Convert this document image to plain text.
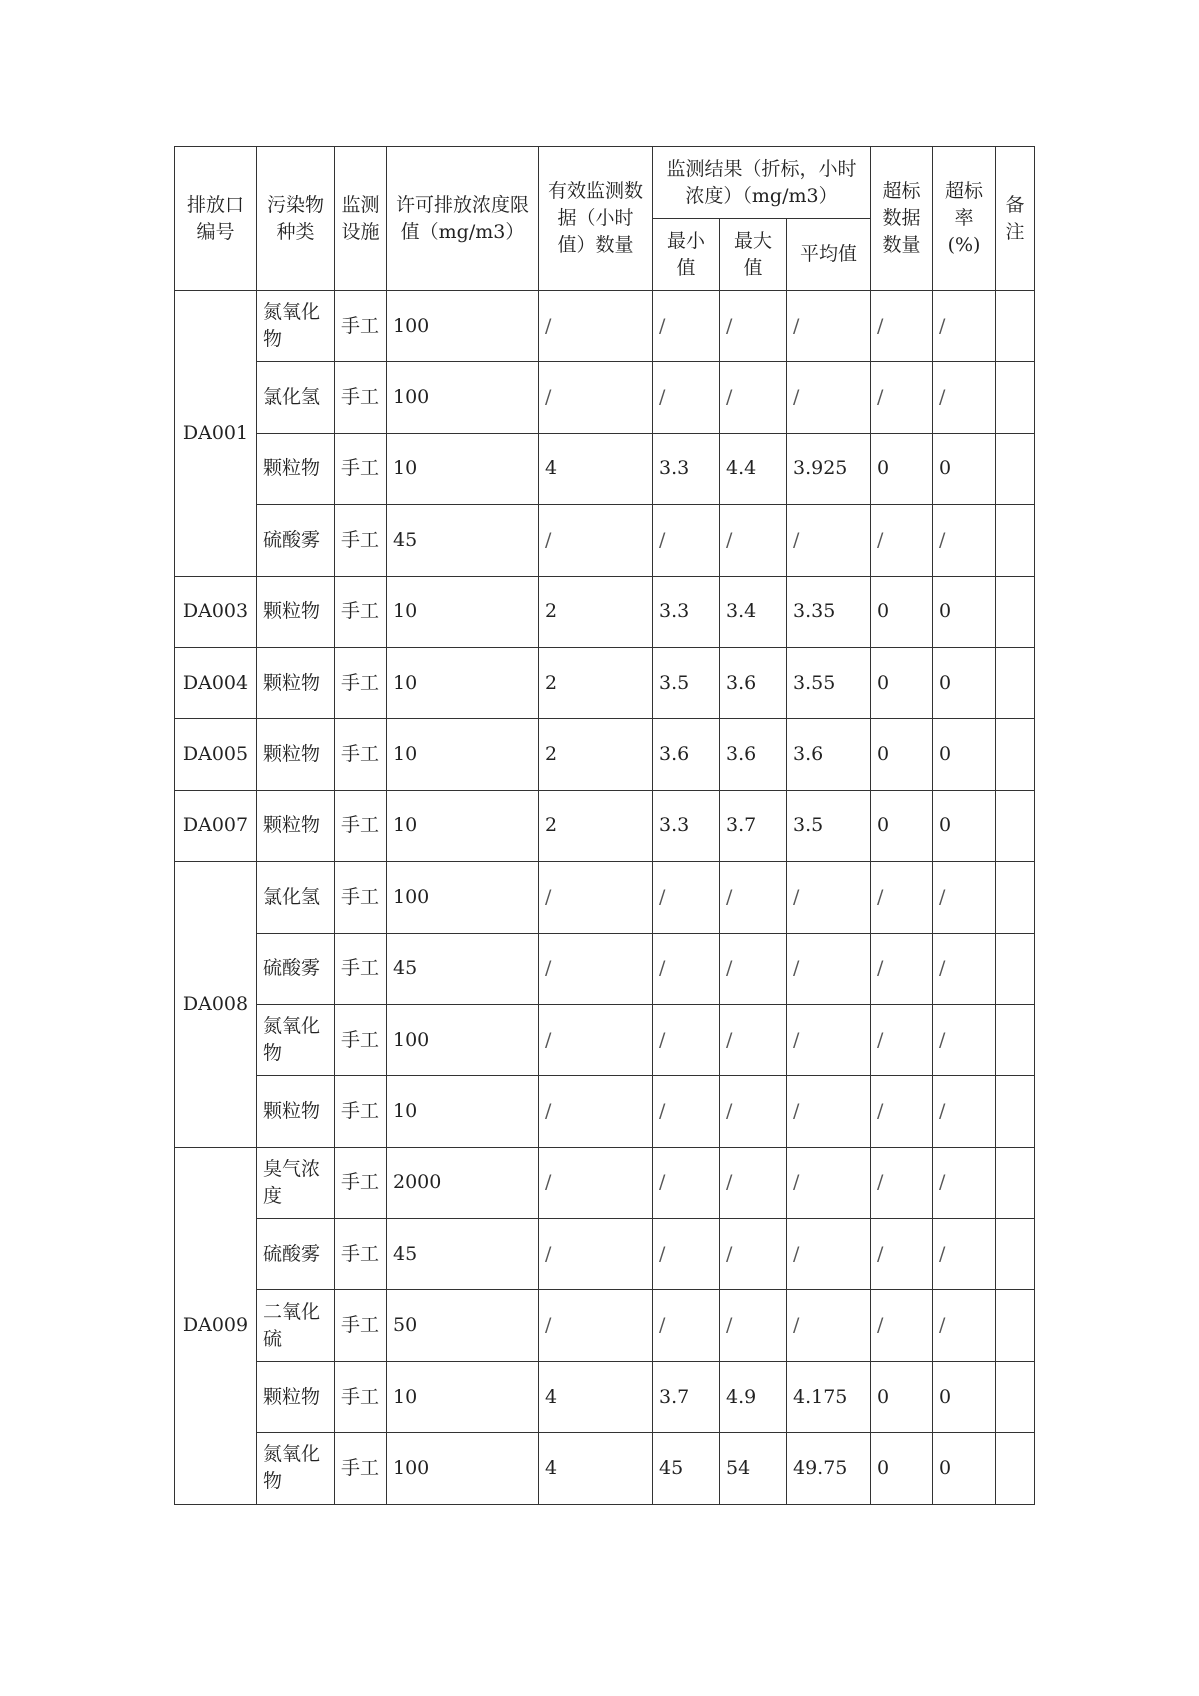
排放口编号	污染物种类	监测设施	许可排放浓度限值（mg/m3）	有效监测数据（小时值）数量	监测结果（折标，小时浓度）（mg/m3）			超标数据数量	超标率(%)	备注
					最小值	最大值	平均值			
DA001	氮氧化物	手工	100	/	/	/	/	/	/	
	氯化氢	手工	100	/	/	/	/	/	/	
	颗粒物	手工	10	4	3.3	4.4	3.925	0	0	
	硫酸雾	手工	45	/	/	/	/	/	/	
DA003	颗粒物	手工	10	2	3.3	3.4	3.35	0	0	
DA004	颗粒物	手工	10	2	3.5	3.6	3.55	0	0	
DA005	颗粒物	手工	10	2	3.6	3.6	3.6	0	0	
DA007	颗粒物	手工	10	2	3.3	3.7	3.5	0	0	
DA008	氯化氢	手工	100	/	/	/	/	/	/	
	硫酸雾	手工	45	/	/	/	/	/	/	
	氮氧化物	手工	100	/	/	/	/	/	/	
	颗粒物	手工	10	/	/	/	/	/	/	
DA009	臭气浓度	手工	2000	/	/	/	/	/	/	
	硫酸雾	手工	45	/	/	/	/	/	/	
	二氧化硫	手工	50	/	/	/	/	/	/	
	颗粒物	手工	10	4	3.7	4.9	4.175	0	0	
	氮氧化物	手工	100	4	45	54	49.75	0	0	
